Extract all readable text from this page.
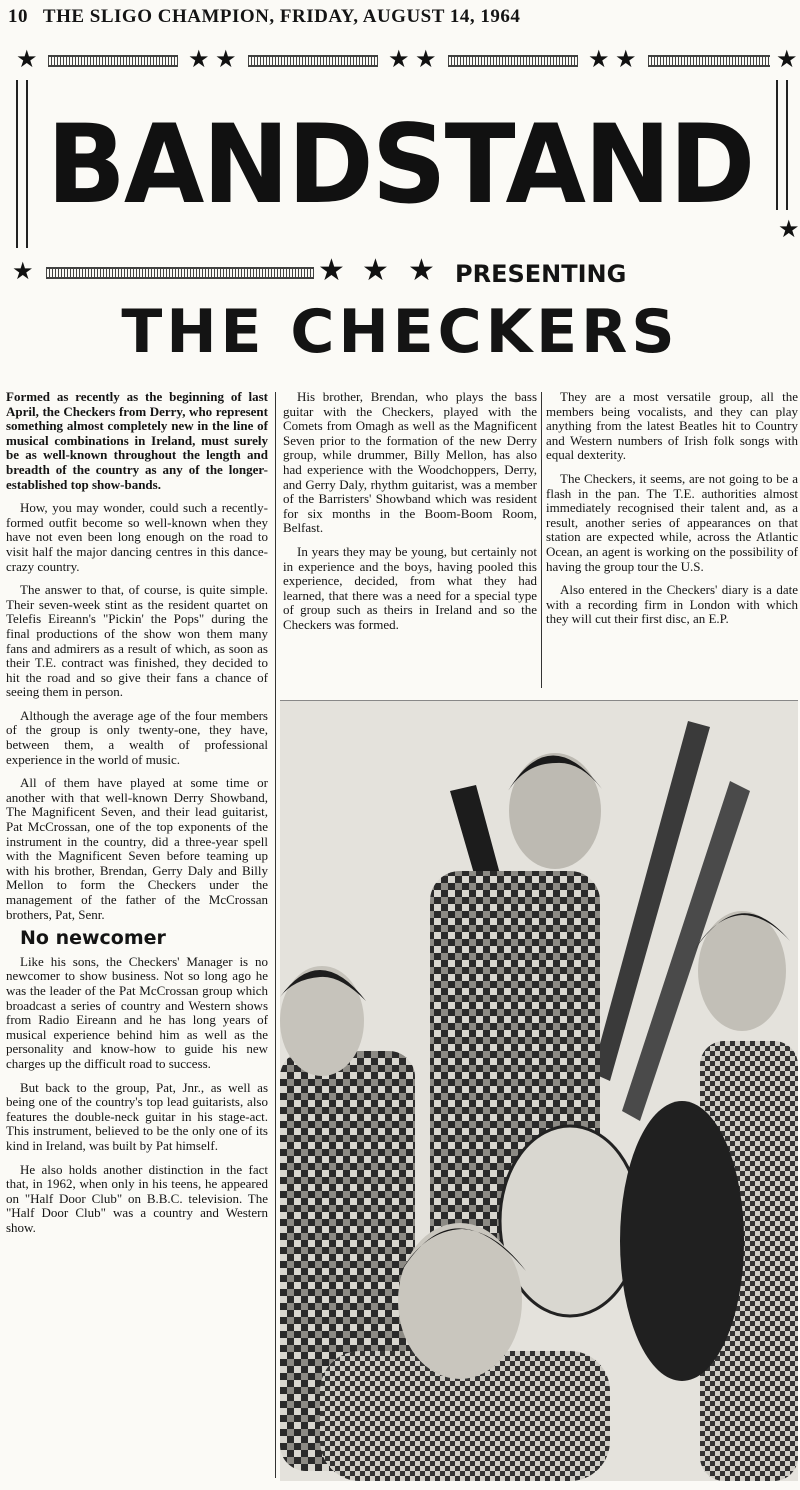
10 THE SLIGO CHAMPION, FRIDAY, AUGUST 14, 1964
★	★ ★	★ ★	★ ★	★
★
BANDSTAND
★	★ ★ ★ PRESENTING
THE CHECKERS

Formed as recently as the beginning of last April, the Checkers from Derry, who represent something almost completely new in the line of musical combinations in Ireland, must surely be as well-known throughout the length and breadth of the country as any of the longer-established top show-bands.

How, you may wonder, could such a recently-formed outfit become so well-known when they have not even been long enough on the road to visit half the major dancing centres in this dance-crazy country.

The answer to that, of course, is quite simple. Their seven-week stint as the resident quartet on Telefis Eireann's "Pickin' the Pops" during the final productions of the show won them many fans and admirers as a result of which, as soon as their T.E. contract was finished, they decided to hit the road and so give their fans a chance of seeing them in person.

Although the average age of the four members of the group is only twenty-one, they have, between them, a wealth of professional experience in the world of music.

All of them have played at some time or another with that well-known Derry Showband, The Magnificent Seven, and their lead guitarist, Pat McCrossan, one of the top exponents of the instrument in the country, did a three-year spell with the Magnificent Seven before teaming up with his brother, Brendan, Gerry Daly and Billy Mellon to form the Checkers under the management of the father of the McCrossan brothers, Pat, Senr.

No newcomer

Like his sons, the Checkers' Manager is no newcomer to show business. Not so long ago he was the leader of the Pat McCrossan group which broadcast a series of country and Western shows from Radio Eireann and he has long years of musical experience behind him as well as the personality and know-how to guide his new charges up the difficult road to success.

But back to the group, Pat, Jnr., as well as being one of the country's top lead guitarists, also features the double-neck guitar in his stage-act. This instrument, believed to be the only one of its kind in Ireland, was built by Pat himself.

He also holds another distinction in the fact that, in 1962, when only in his teens, he appeared on "Half Door Club" on B.B.C. television. The "Half Door Club" was a country and Western show.

His brother, Brendan, who plays the bass guitar with the Checkers, played with the Comets from Omagh as well as the Magnificent Seven prior to the formation of the new Derry group, while drummer, Billy Mellon, has also had experience with the Woodchoppers, Derry, and Gerry Daly, rhythm guitarist, was a member of the Barristers' Showband which was resident for six months in the Boom-Boom Room, Belfast.

In years they may be young, but certainly not in experience and the boys, having pooled this experience, decided, from what they had learned, that there was a need for a special type of group such as theirs in Ireland and so the Checkers was formed.

They are a most versatile group, all the members being vocalists, and they can play anything from the latest Beatles hit to Country and Western numbers of Irish folk songs with equal dexterity.

The Checkers, it seems, are not going to be a flash in the pan. The T.E. authorities almost immediately recognised their talent and, as a result, another series of appearances on that station are expected while, across the Atlantic Ocean, an agent is working on the possibility of having the group tour the U.S.

Also entered in the Checkers' diary is a date with a recording firm in London with which they will cut their first disc, an E.P.
